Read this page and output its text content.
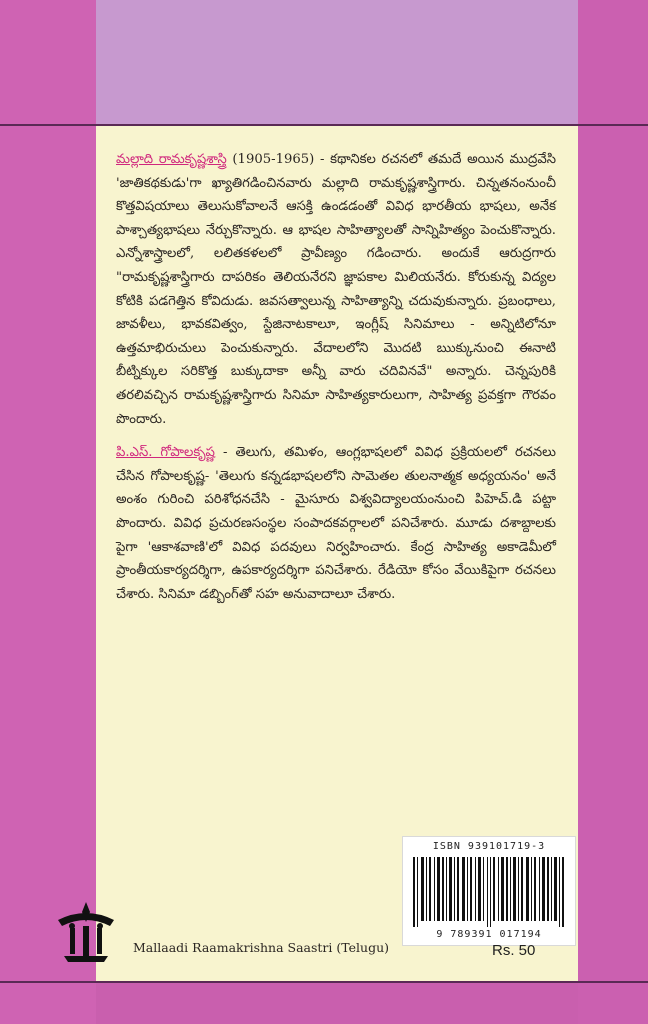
మల్లాది రామకృష్ణశాస్త్రి (1905-1965) - కథానికల రచనలో తమదే అయిన ముద్రవేసి 'జాతికథకుడు'గా ఖ్యాతిగడించినవారు మల్లాది రామకృష్ణశాస్త్రిగారు. చిన్నతనంనుంచీ కొత్తవిషయాలు తెలుసుకోవాలనే ఆసక్తి ఉండడంతో వివిధ భారతీయ భాషలు, అనేక పాశ్చాత్యభాషలు నేర్చుకొన్నారు. ఆ భాషల సాహిత్యాలతో సాన్నిహిత్యం పెంచుకొన్నారు. ఎన్నోశాస్త్రాలలో, లలితకళలలో ప్రావీణ్యం గడించారు. అందుకే ఆరుద్రగారు "రామకృష్ణశాస్త్రిగారు దాపరికం తెలియనేరని జ్ఞాపకాల మిలియనేరు. కోరుకున్న విద్యల కోటికి పడగెత్తిన కోవిదుడు. జవసత్వాలున్న సాహిత్యాన్ని చదువుకున్నారు. ప్రబంధాలు, జావళీలు, భావకవిత్వం, స్టేజినాటకాలూ, ఇంగ్లీష్ సినిమాలు - అన్నిటిలోనూ ఉత్తమాభిరుచులు పెంచుకున్నారు. వేదాలలోని మొదటి ఋక్కునుంచి ఈనాటి బీట్నిక్కుల సరికొత్త బుక్కుదాకా అన్నీ వారు చదివినవే" అన్నారు. చెన్నపురికి తరలివచ్చిన రామకృష్ణశాస్త్రిగారు సినిమా సాహిత్యకారులుగా, సాహిత్య ప్రవక్తగా గౌరవం పొందారు.

పి.ఎస్. గోపాలకృష్ణ - తెలుగు, తమిళం, ఆంగ్లభాషలలో వివిధ ప్రక్రియలలో రచనలు చేసిన గోపాలకృష్ణ- 'తెలుగు కన్నడభాషలలోని సామెతల తులనాత్మక అధ్యయనం' అనే అంశం గురించి పరిశోధనచేసి - మైసూరు విశ్వవిద్యాలయంనుంచి పిహెచ్.డి పట్టా పొందారు. వివిధ ప్రచురణసంస్థల సంపాదకవర్గాలలో పనిచేశారు. మూడు దశాబ్దాలకు పైగా 'ఆకాశవాణి'లో వివిధ పదవులు నిర్వహించారు. కేంద్ర సాహిత్య అకాడెమీలో ప్రాంతీయకార్యదర్శిగా, ఉపకార్యదర్శిగా పనిచేశారు. రేడియో కోసం వేయికిపైగా రచనలు చేశారు. సినిమా డబ్బింగ్‌తో సహ అనువాదాలూ చేశారు.

ISBN 939101719-3
9 789391 017194
Mallaadi Raamakrishna Saastri (Telugu)	Rs. 50
